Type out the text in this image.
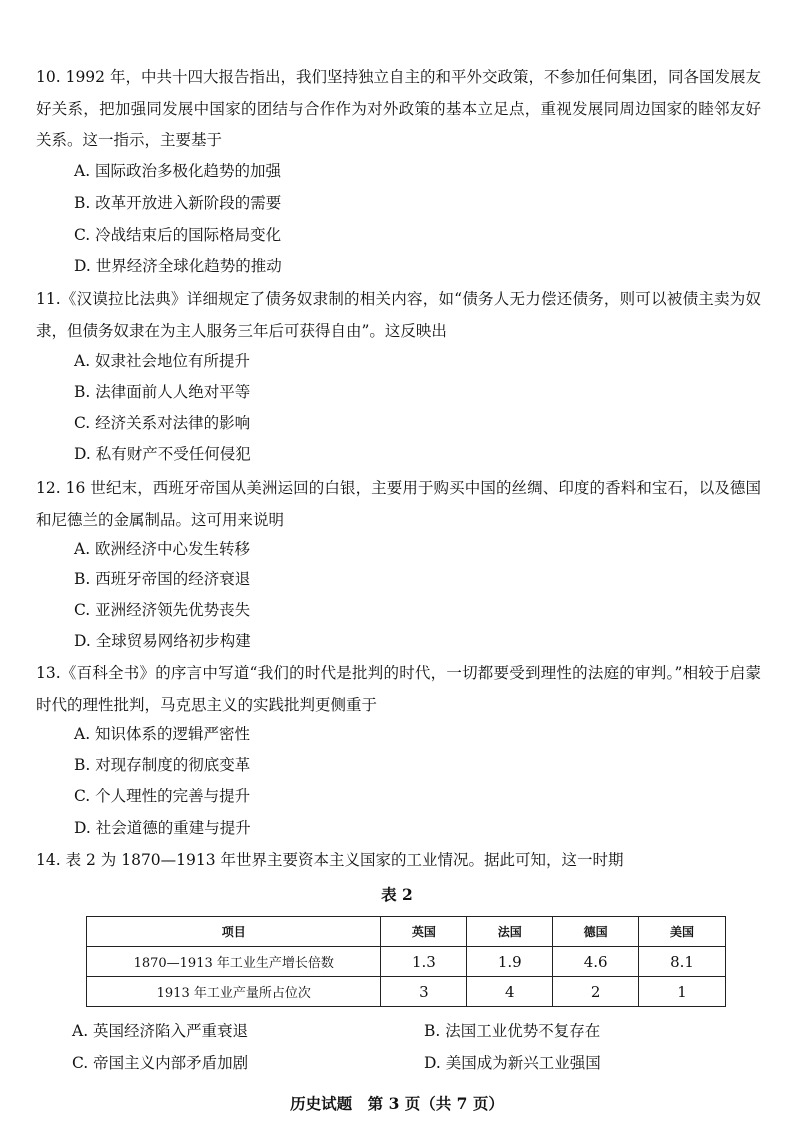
10. 1992 年，中共十四大报告指出，我们坚持独立自主的和平外交政策，不参加任何集团，同各国发展友好关系，把加强同发展中国家的团结与合作作为对外政策的基本立足点，重视发展同周边国家的睦邻友好关系。这一指示，主要基于

A. 国际政治多极化趋势的加强
B. 改革开放进入新阶段的需要
C. 冷战结束后的国际格局变化
D. 世界经济全球化趋势的推动

11.《汉谟拉比法典》详细规定了债务奴隶制的相关内容，如“债务人无力偿还债务，则可以被债主卖为奴隶，但债务奴隶在为主人服务三年后可获得自由”。这反映出

A. 奴隶社会地位有所提升
B. 法律面前人人绝对平等
C. 经济关系对法律的影响
D. 私有财产不受任何侵犯

12. 16 世纪末，西班牙帝国从美洲运回的白银，主要用于购买中国的丝绸、印度的香料和宝石，以及德国和尼德兰的金属制品。这可用来说明

A. 欧洲经济中心发生转移
B. 西班牙帝国的经济衰退
C. 亚洲经济领先优势丧失
D. 全球贸易网络初步构建

13.《百科全书》的序言中写道“我们的时代是批判的时代，一切都要受到理性的法庭的审判。”相较于启蒙时代的理性批判，马克思主义的实践批判更侧重于

A. 知识体系的逻辑严密性
B. 对现存制度的彻底变革
C. 个人理性的完善与提升
D. 社会道德的重建与提升

14. 表 2 为 1870—1913 年世界主要资本主义国家的工业情况。据此可知，这一时期

表 2
项目	英国	法国	德国	美国
1870—1913 年工业生产增长倍数	1.3	1.9	4.6	8.1
1913 年工业产量所占位次	3	4	2	1
A. 英国经济陷入严重衰退	B. 法国工业优势不复存在
C. 帝国主义内部矛盾加剧	D. 美国成为新兴工业强国
历史试题　第 3 页（共 7 页）
